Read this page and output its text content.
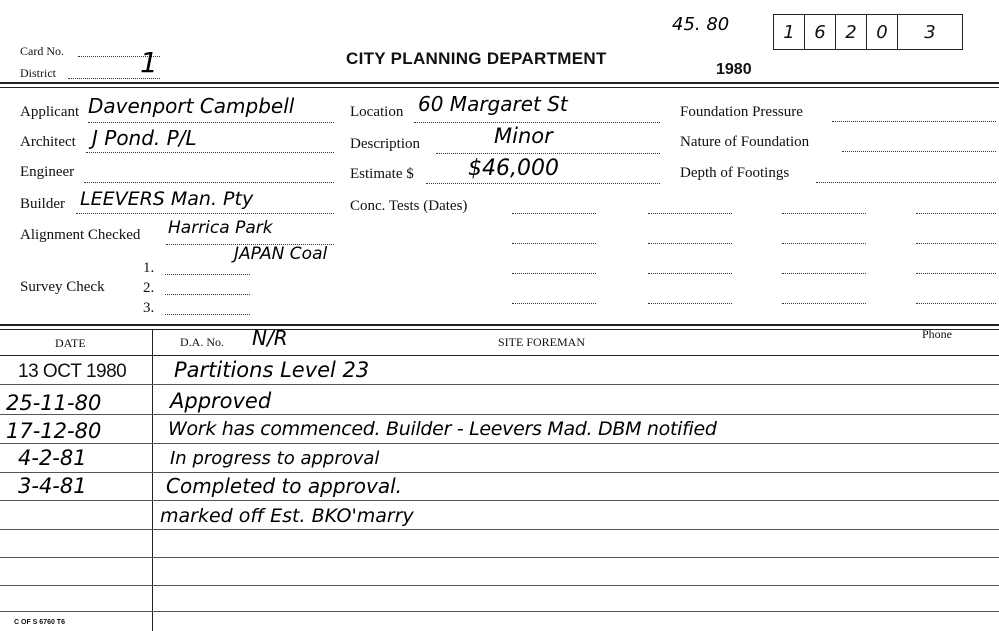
Card No.
District	1	CITY PLANNING DEPARTMENT
1980
45. 80	1	6	2	0	3
Applicant Davenport Campbell
Architect J Pond. P/L
Engineer
Builder LEEVERS Man. Pty
Alignment Checked Harrica Park
JAPAN Coal
1.
Survey Check	2.
3.
Location 60 Margaret St
Description	Minor
Estimate $ $46,000
Conc. Tests (Dates)
Foundation Pressure
Nature of Foundation
Depth of Footings
DATE	D.A. No. N/R	SITE FOREMAN
Phone
13 OCT 1980 Partitions Level 23
25-11-80	Approved
17-12-80	Work has commenced. Builder - Leevers Mad. DBM notified
4-2-81	In progress to approval
3-4-81	Completed to approval.
marked off Est. BKO'marry
C OF S 6760 T6
